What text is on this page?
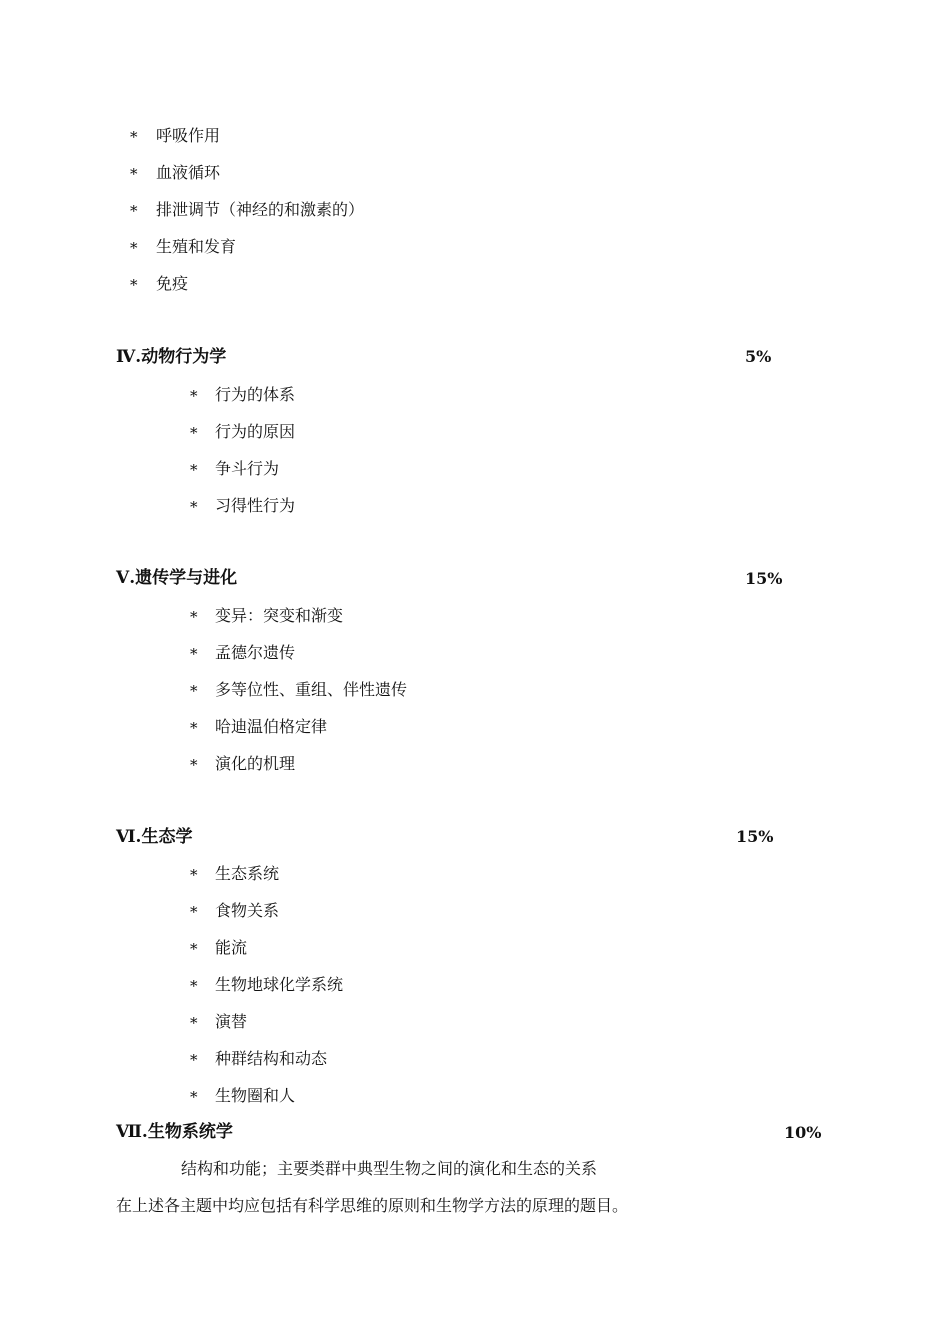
* 呼吸作用
* 血液循环
* 排泄调节（神经的和激素的）
* 生殖和发育
* 免疫
Ⅳ.动物行为学	5%
* 行为的体系
* 行为的原因
* 争斗行为
* 习得性行为
Ⅴ.遗传学与进化	15%
* 变异：突变和渐变
* 孟德尔遗传
* 多等位性、重组、伴性遗传
* 哈迪温伯格定律
* 演化的机理
Ⅵ.生态学	15%
* 生态系统
* 食物关系
* 能流
* 生物地球化学系统
* 演替
* 种群结构和动态
* 生物圈和人
Ⅶ.生物系统学	10%
结构和功能；主要类群中典型生物之间的演化和生态的关系
在上述各主题中均应包括有科学思维的原则和生物学方法的原理的题目。
